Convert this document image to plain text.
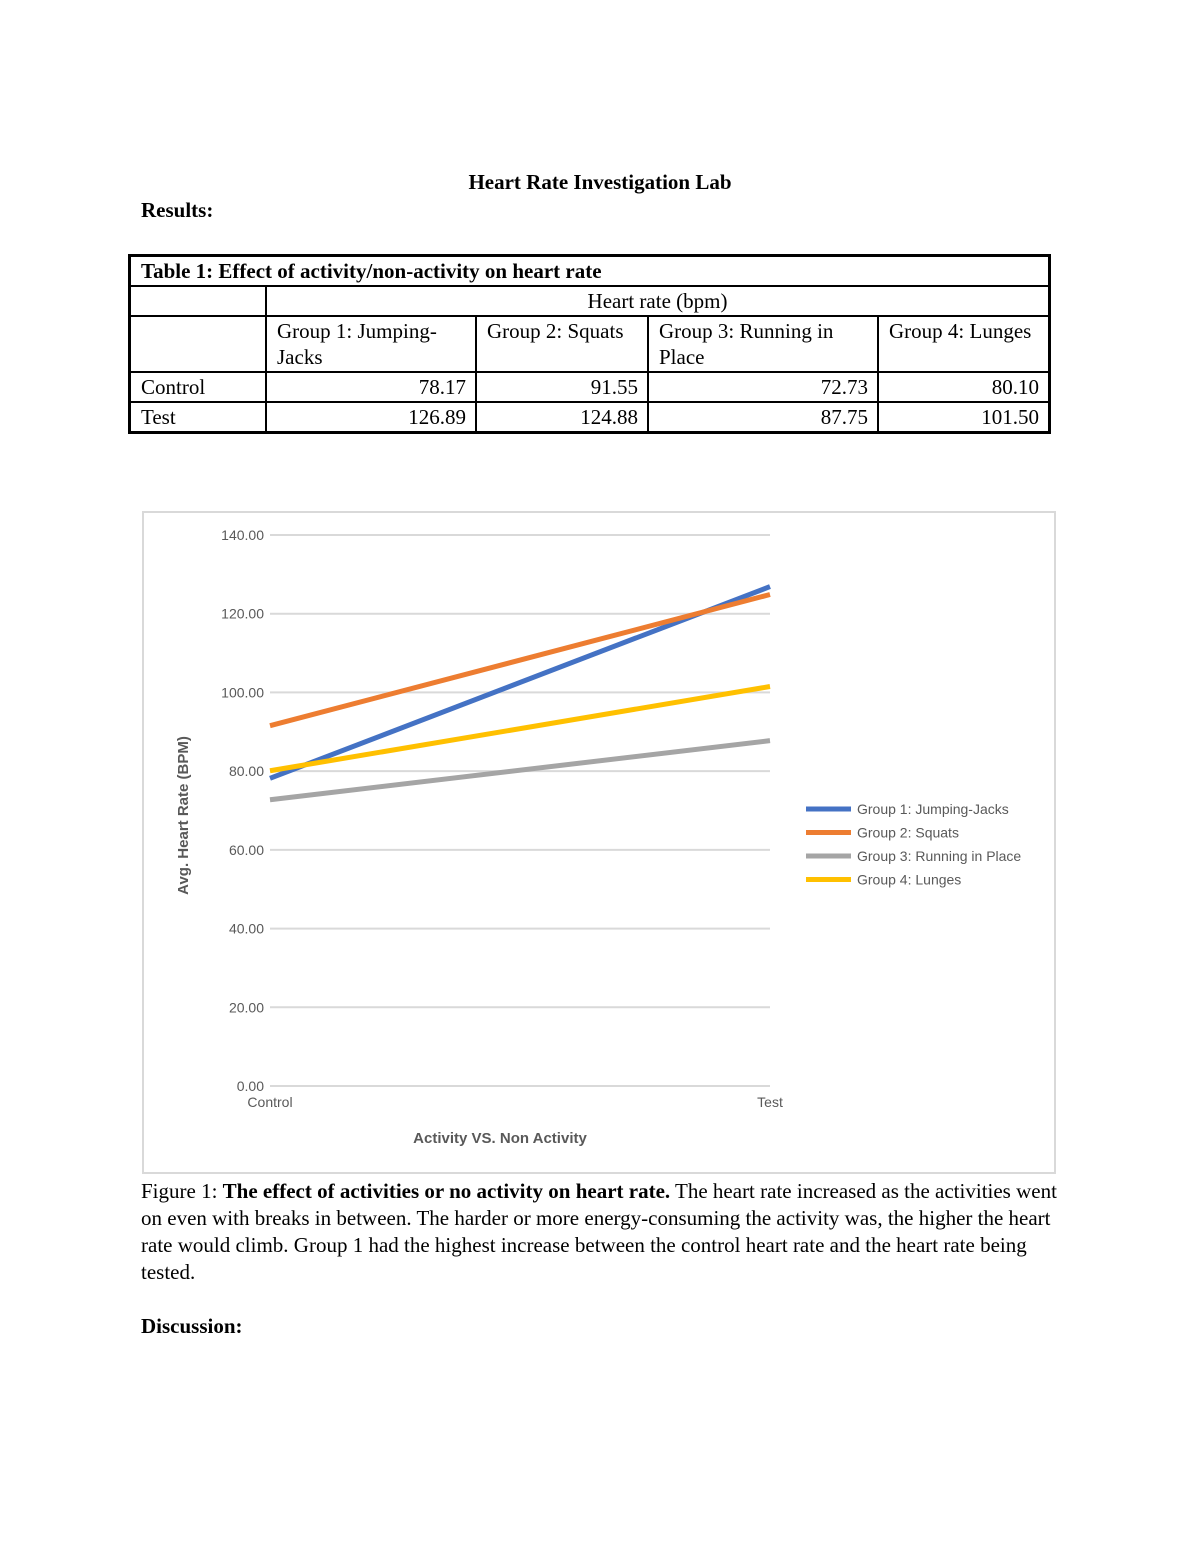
Heart Rate Investigation Lab
Results:
Table 1: Effect of activity/non-activity on heart rate				
	Heart rate (bpm)			
	Group 1: Jumping-Jacks	Group 2: Squats	Group 3: Running in Place	Group 4: Lunges
Control	78.17	91.55	72.73	80.10
Test	126.89	124.88	87.75	101.50
0.00
20.00
40.00
60.00
80.00
100.00
120.00
140.00
Control	Test
Activity VS. Non Activity
Avg. Heart Rate (BPM)	Group 1: Jumping-Jacks
Group 2: Squats
Group 3: Running in Place
Group 4: Lunges
Figure 1: The effect of activities or no activity on heart rate. The heart rate increased as the activities went on even with breaks in between. The harder or more energy-consuming the activity was, the higher the heart rate would climb. Group 1 had the highest increase between the control heart rate and the heart rate being tested.
Discussion:
